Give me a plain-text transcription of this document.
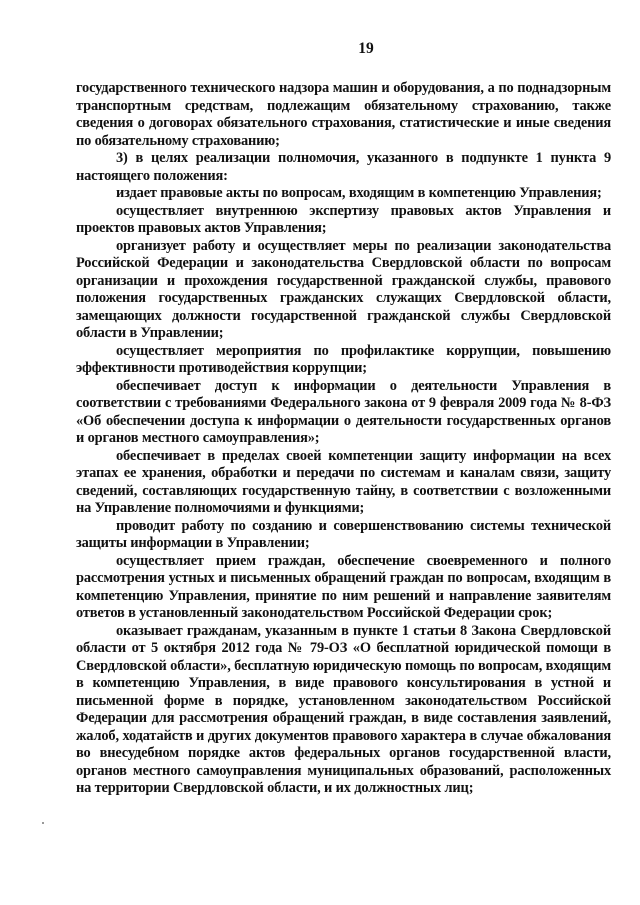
19

государственного технического надзора машин и оборудования, а по поднадзорным транспортным средствам, подлежащим обязательному страхованию, также сведения о договорах обязательного страхования, статистические и иные сведения по обязательному страхованию;

3) в целях реализации полномочия, указанного в подпункте 1 пункта 9 настоящего положения:

издает правовые акты по вопросам, входящим в компетенцию Управления;

осуществляет внутреннюю экспертизу правовых актов Управления и проектов правовых актов Управления;

организует работу и осуществляет меры по реализации законодательства Российской Федерации и законодательства Свердловской области по вопросам организации и прохождения государственной гражданской службы, правового положения государственных гражданских служащих Свердловской области, замещающих должности государственной гражданской службы Свердловской области в Управлении;

осуществляет мероприятия по профилактике коррупции, повышению эффективности противодействия коррупции;

обеспечивает доступ к информации о деятельности Управления в соответствии с требованиями Федерального закона от 9 февраля 2009 года № 8-ФЗ «Об обеспечении доступа к информации о деятельности государственных органов и органов местного самоуправления»;

обеспечивает в пределах своей компетенции защиту информации на всех этапах ее хранения, обработки и передачи по системам и каналам связи, защиту сведений, составляющих государственную тайну, в соответствии с возложенными на Управление полномочиями и функциями;

проводит работу по созданию и совершенствованию системы технической защиты информации в Управлении;

осуществляет прием граждан, обеспечение своевременного и полного рассмотрения устных и письменных обращений граждан по вопросам, входящим в компетенцию Управления, принятие по ним решений и направление заявителям ответов в установленный законодательством Российской Федерации срок;

оказывает гражданам, указанным в пункте 1 статьи 8 Закона Свердловской области от 5 октября 2012 года № 79-ОЗ «О бесплатной юридической помощи в Свердловской области», бесплатную юридическую помощь по вопросам, входящим в компетенцию Управления, в виде правового консультирования в устной и письменной форме в порядке, установленном законодательством Российской Федерации для рассмотрения обращений граждан, в виде составления заявлений, жалоб, ходатайств и других документов правового характера в случае обжалования во внесудебном порядке актов федеральных органов государственной власти, органов местного самоуправления муниципальных образований, расположенных на территории Свердловской области, и их должностных лиц;
